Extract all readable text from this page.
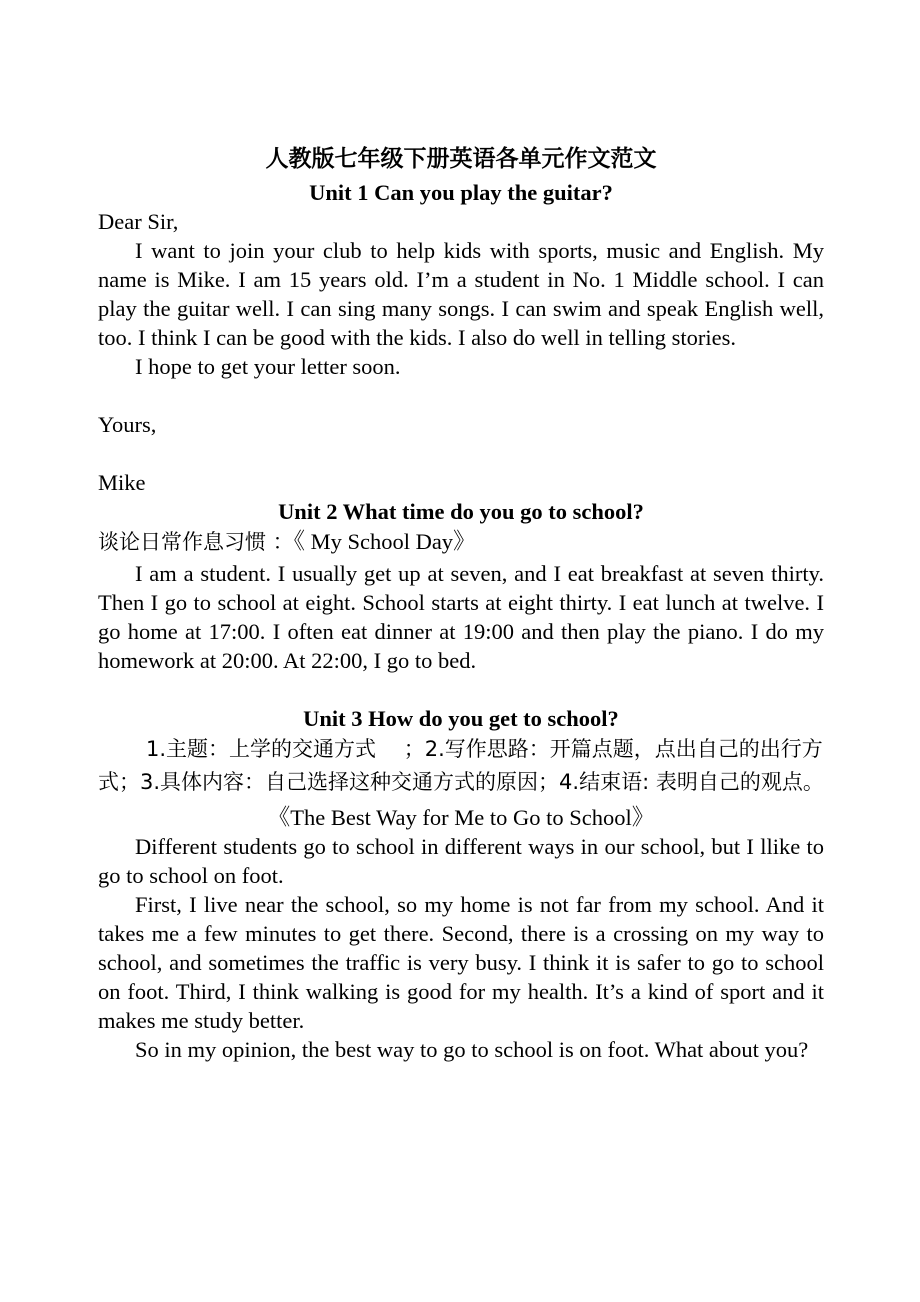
人教版七年级下册英语各单元作文范文
Unit 1 Can you play the guitar?

Dear Sir,

I want to join your club to help kids with sports, music and English. My name is Mike. I am 15 years old. I’m a student in No. 1 Middle school. I can play the guitar well. I can sing many songs. I can swim and speak English well, too. I think I can be good with the kids. I also do well in telling stories.

I hope to get your letter soon.

Yours,

Mike

Unit 2 What time do you go to school?

谈论日常作息习惯 ：《 My School Day》

I am a student. I usually get up at seven, and I eat breakfast at seven thirty. Then I go to school at eight. School starts at eight thirty. I eat lunch at twelve. I go home at 17:00. I often eat dinner at 19:00 and then play the piano. I do my homework at 20:00. At 22:00, I go to bed.

Unit 3 How do you get to school?

1.主题：上学的交通方式　 ；2.写作思路：开篇点题，点出自己的出行方式；3.具体内容：自己选择这种交通方式的原因；4.结束语: 表明自己的观点。

《The Best Way for Me to Go to School》

Different students go to school in different ways in our school, but I llike to go to school on foot.

First, I live near the school, so my home is not far from my school. And it takes me a few minutes to get there. Second, there is a crossing on my way to school, and sometimes the traffic is very busy. I think it is safer to go to school on foot. Third, I think walking is good for my health. It’s a kind of sport and it makes me study better.

So in my opinion, the best way to go to school is on foot. What about you?
